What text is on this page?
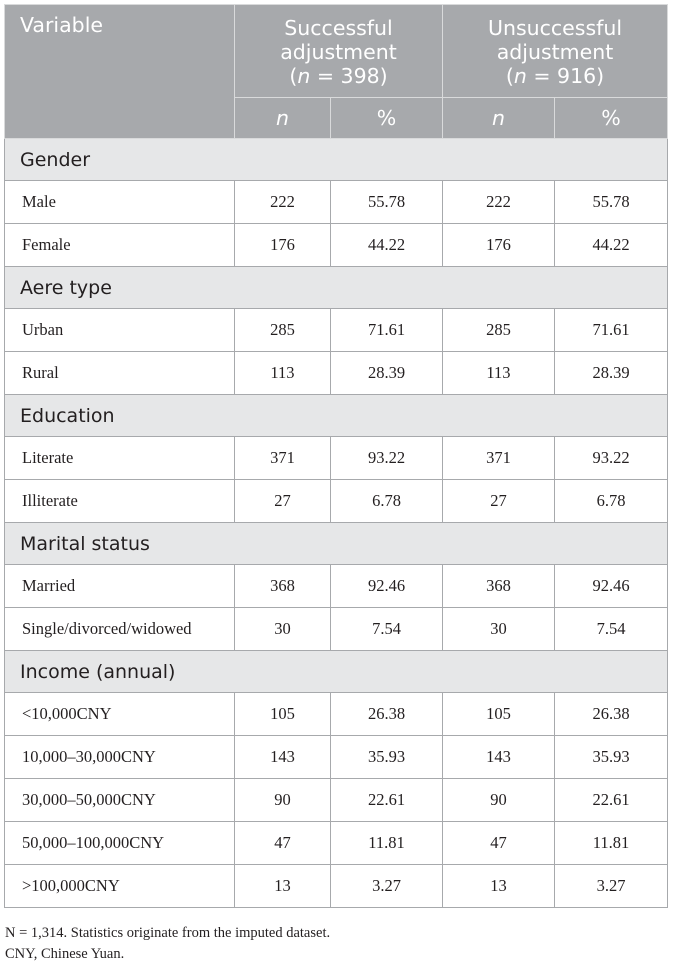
Variable	Successful
adjustment
(n = 398)		Unsuccessful
adjustment
(n = 916)	
	n	%	n	%
Gender				
Male	222	55.78	222	55.78
Female	176	44.22	176	44.22
Aere type				
Urban	285	71.61	285	71.61
Rural	113	28.39	113	28.39
Education				
Literate	371	93.22	371	93.22
Illiterate	27	6.78	27	6.78
Marital status				
Married	368	92.46	368	92.46
Single/divorced/widowed	30	7.54	30	7.54
Income (annual)				
<10,000CNY	105	26.38	105	26.38
10,000–30,000CNY	143	35.93	143	35.93
30,000–50,000CNY	90	22.61	90	22.61
50,000–100,000CNY	47	11.81	47	11.81
>100,000CNY	13	3.27	13	3.27
N = 1,314. Statistics originate from the imputed dataset.
CNY, Chinese Yuan.
